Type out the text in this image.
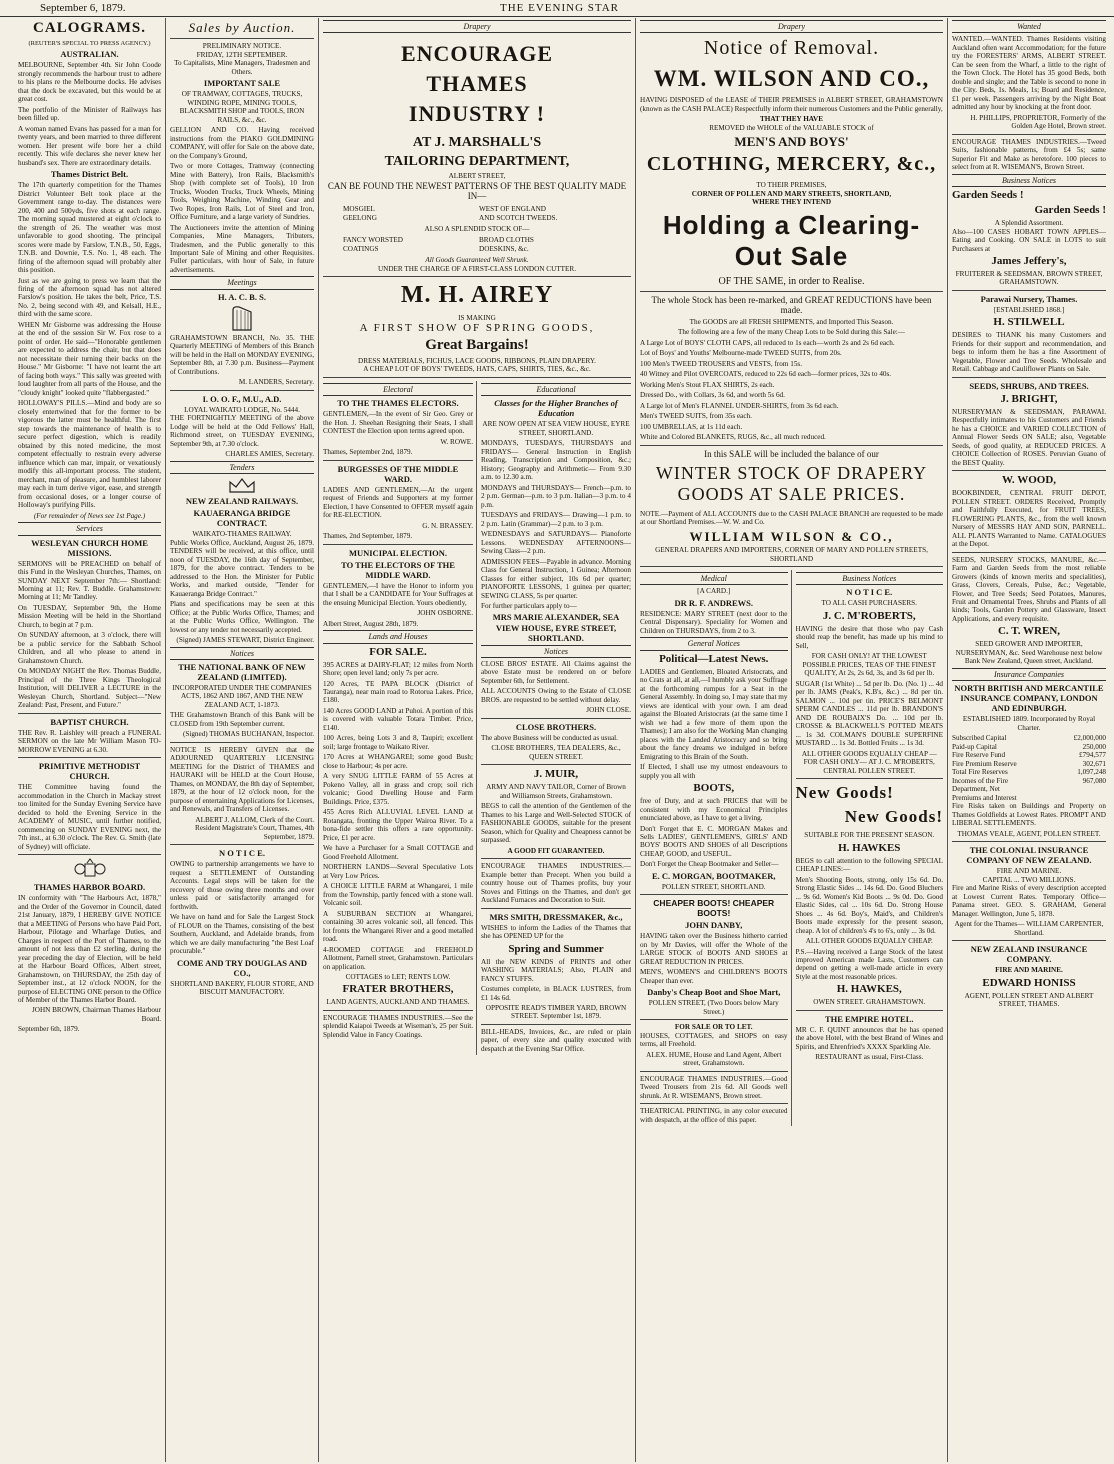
September 6, 1879.	THE EVENING STAR
CALOGRAMS.
(REUTER'S SPECIAL TO PRESS AGENCY.)
AUSTRALIAN.

MELBOURNE, September 4th. Sir John Coode strongly recommends the harbour trust to adhere to his plans re the Melbourne docks. He advises that the dock be excavated, but this would be at great cost.

The portfolio of the Minister of Railways has been filled up.

A woman named Evans has passed for a man for twenty years, and been married to three different women. Her present wife bore her a child recently. This wife declares she never knew her husband's sex. There are extraordinary details.

Thames District Belt.

The 17th quarterly competition for the Thames District Volunteer Belt took place at the Government range to-day. The distances were 200, 400 and 500yds, five shots at each range. The morning squad mustered at eight o'clock to the strength of 26. The weather was most unfavorable to good shooting. The principal scores were made by Farslow, T.N.B., 50, Eggs, T.N.B. and Downie, T.S. No. 1, 48 each. The firing of the afternoon squad will probably alter this position.

Just as we are going to press we learn that the firing of the afternoon squad has not altered Farslow's position. He takes the belt, Price, T.S. No. 2, being second with 49, and Kelsall, H.E., third with the same score.

WHEN Mr Gisborne was addressing the House at the end of the session Sir W. Fox rose to a point of order. He said—"Honorable gentlemen are expected to address the chair, but that does not necessitate their turning their backs on the House." Mr Gisborne: "I have not learnt the art of facing both ways." This sally was greeted with loud laughter from all parts of the House, and the "cloudy knight" looked quite "flabbergasted."

HOLLOWAY'S PILLS.—Mind and body are so closely entertwined that for the former to be vigorous the latter must be healthful. The first step towards the maintenance of health is to secure perfect digestion, which is readily obtained by this noted medicine, the most competent effectually to restrain every adverse influence which can mar, impair, or vexatiously modify this all-important process. The student, merchant, man of pleasure, and humblest laborer may each in turn derive vigor, ease, and strength from occasional doses, or a longer course of Holloway's purifying Pills.

(For remainder of News see 1st Page.)

Services
WESLEYAN CHURCH HOME MISSIONS.

SERMONS will be PREACHED on behalf of this Fund in the Wesleyan Churches, Thames, on SUNDAY NEXT September 7th:— Shortland: Morning at 11; Rev. T. Buddle. Grahamstown: Morning at 11; Mr Tandley.

On TUESDAY, September 9th, the Home Mission Meeting will be held in the Shortland Church, to begin at 7 p.m.

On SUNDAY afternoon, at 3 o'clock, there will be a public service for the Sabbath School Children, and all who please to attend in Grahamstown Church.

On MONDAY NIGHT the Rev. Thomas Buddle, Principal of the Three Kings Theological Institution, will DELIVER a LECTURE in the Wesleyan Church, Shortland. Subject—"New Zealand: Past, Present, and Future."

BAPTIST CHURCH.

THE Rev. R. Laishley will preach a FUNERAL SERMON on the late Mr William Mason TO-MORROW EVENING at 6.30.

PRIMITIVE METHODIST CHURCH.

THE Committee having found the accommodation in the Church in Mackay street too limited for the Sunday Evening Service have decided to hold the Evening Service in the ACADEMY of MUSIC, until further notified, commencing on SUNDAY EVENING next, the 7th inst., at 6.30 o'clock. The Rev. G. Smith (late of Sydney) will officiate.

THAMES HARBOR BOARD.

IN conformity with "The Harbours Act, 1878," and the Order of the Governor in Council, dated 21st January, 1879, I HEREBY GIVE NOTICE that a MEETING of Persons who have Paid Port, Harbour, Pilotage and Wharfage Duties, and Charges in respect of the Port of Thames, to the amount of not less than £2 sterling, during the year preceding the day of Election, will be held at the Harbour Board Offices, Albert street, Grahamstown, on THURSDAY, the 25th day of September inst., at 12 o'clock NOON, for the purpose of ELECTING ONE person to the Office of Member of the Thames Harbor Board.

JOHN BROWN, Chairman Thames Harbour Board.

September 6th, 1879.

Sales by Auction.
PRELIMINARY NOTICE.
FRIDAY, 12TH SEPTEMBER.

To Capitalists, Mine Managers, Tradesmen and Others.

IMPORTANT SALE

OF TRAMWAY, COTTAGES, TRUCKS, WINDING ROPE, MINING TOOLS, BLACKSMITH SHOP and TOOLS, IRON RAILS, &c., &c.

GELLION AND CO. Having received instructions from the PIAKO GOLDMINING COMPANY, will offer for Sale on the above date, on the Company's Ground,

Two or more Cottages, Tramway (connecting Mine with Battery), Iron Rails, Blacksmith's Shop (with complete set of Tools), 10 Iron Trucks, Wooden Trucks, Truck Wheels, Mining Tools, Weighing Machine, Winding Gear and Two Ropes, Iron Rails, Lot of Steel and Iron, Office Furniture, and a large variety of Sundries.

The Auctioneers invite the attention of Mining Companies, Mine Managers, Tributers, Tradesmen, and the Public generally to this Important Sale of Mining and other Requisites. Fuller particulars, with hour of Sale, in future advertisements.

Meetings
H. A. C. B. S.

GRAHAMSTOWN BRANCH, No. 35. THE Quarterly MEETING of Members of this Branch will be held in the Hall on MONDAY EVENING, September 8th, at 7.30 p.m. Business—Payment of Contributions.

M. LANDERS, Secretary.

I. O. O. F., M.U., A.D.
LOYAL WAIKATO LODGE, No. 5444.

THE FORTNIGHTLY MEETING of the above Lodge will be held at the Odd Fellows' Hall, Richmond street, on TUESDAY EVENING, September 9th, at 7.30 o'clock.

CHARLES AMIES, Secretary.

Tenders
NEW ZEALAND RAILWAYS.
KAUAERANGA BRIDGE CONTRACT.
WAIKATO-THAMES RAILWAY.

Public Works Office, Auckland, August 26, 1879. TENDERS will be received, at this office, until noon of TUESDAY, the 16th day of September, 1879, for the above contract. Tenders to be addressed to the Hon. the Minister for Public Works, and marked outside, "Tender for Kauaeranga Bridge Contract."

Plans and specifications may be seen at this Office; at the Public Works Office, Thames; and at the Public Works Office, Wellington. The lowest or any tender not necessarily accepted.

(Signed) JAMES STEWART, District Engineer.

Notices
THE NATIONAL BANK OF NEW ZEALAND (LIMITED).

INCORPORATED UNDER THE COMPANIES ACTS, 1862 AND 1867, AND THE NEW ZEALAND ACT, 1-1873.

THE Grahamstown Branch of this Bank will be CLOSED from 19th September current.

(Signed) THOMAS BUCHANAN, Inspector.

NOTICE IS HEREBY GIVEN that the ADJOURNED QUARTERLY LICENSING MEETING for the District of THAMES and HAURAKI will be HELD at the Court House, Thames, on MONDAY, the 8th day of September, 1879, at the hour of 12 o'clock noon, for the purpose of entertaining Applications for Licenses, and Renewals, and Transfers of Licenses.

ALBERT J. ALLOM, Clerk of the Court. Resident Magistrate's Court, Thames, 4th September, 1879.

N O T I C E.

OWING to partnership arrangements we have to request a SETTLEMENT of Outstanding Accounts. Legal steps will be taken for the recovery of those owing three months and over unless paid or satisfactorily arranged for forthwith.

We have on hand and for Sale the Largest Stock of FLOUR on the Thames, consisting of the best Southern, Auckland, and Adelaide brands, from which we are daily manufacturing "the Best Loaf procurable."

COME AND TRY DOUGLAS AND CO.,

SHORTLAND BAKERY, FLOUR STORE, AND BISCUIT MANUFACTORY.

Drapery
ENCOURAGE
THAMES
INDUSTRY !
AT J. MARSHALL'S
TAILORING DEPARTMENT,
ALBERT STREET,
CAN BE FOUND THE NEWEST PATTERNS OF THE BEST QUALITY MADE IN—
MOSGIEL
GEELONG
WEST OF ENGLAND
AND SCOTCH TWEEDS.
ALSO A SPLENDID STOCK OF—
FANCY WORSTED
COATINGS
BROAD CLOTHS
DOESKINS, &c.
All Goods Guaranteed Well Shrunk.
UNDER THE CHARGE OF A FIRST-CLASS LONDON CUTTER.
M. H. AIREY
IS MAKING
A FIRST SHOW OF SPRING GOODS,
Great Bargains!
DRESS MATERIALS, FICHUS, LACE GOODS, RIBBONS, PLAIN DRAPERY.
A CHEAP LOT OF BOYS' TWEEDS, HATS, CAPS, SHIRTS, TIES, &c., &c.
Electoral
TO THE THAMES ELECTORS.

GENTLEMEN,—In the event of Sir Geo. Grey or the Hon. J. Sheehan Resigning their Seats, I shall CONTEST the Election upon terms agreed upon.

W. ROWE.

Thames, September 2nd, 1879.

BURGESSES OF THE MIDDLE WARD.

LADIES AND GENTLEMEN,—At the urgent request of Friends and Supporters at my former Election, I have Consented to OFFER myself again for RE-ELECTION.

G. N. BRASSEY.

Thames, 2nd September, 1879.

MUNICIPAL ELECTION.
TO THE ELECTORS OF THE MIDDLE WARD.

GENTLEMEN,—I have the Honor to inform you that I shall be a CANDIDATE for Your Suffrages at the ensuing Municipal Election. Yours obediently,

JOHN OSBORNE.

Albert Street, August 28th, 1879.

Lands and Houses
FOR SALE.

395 ACRES at DAIRY-FLAT; 12 miles from North Shore; open level land; only 7s per acre.

120 Acres, TE PAPA BLOCK (District of Tauranga), near main road to Rotorua Lakes. Price, £180.

140 Acres GOOD LAND at Puhoi. A portion of this is covered with valuable Totara Timber. Price, £140.

100 Acres, being Lots 3 and 8, Taupiri; excellent soil; large frontage to Waikato River.

170 Acres at WHANGAREI; some good Bush; close to Harbour; 4s per acre.

A very SNUG LITTLE FARM of 55 Acres at Pokeno Valley, all in grass and crop; soil rich volcanic; Good Dwelling House and Farm Buildings. Price, £375.

455 Acres Rich ALLUVIAL LEVEL LAND at Rotangata, fronting the Upper Wairoa River. To a bona-fide settler this offers a rare opportunity. Price, £1 per acre.

We have a Purchaser for a Small COTTAGE and Good Freehold Allotment.

NORTHERN LANDS—Several Speculative Lots at Very Low Prices.

A CHOICE LITTLE FARM at Whangarei, 1 mile from the Township, partly fenced with a stone wall. Volcanic soil.

A SUBURBAN SECTION at Whangarei, containing 30 acres volcanic soil, all fenced. This lot fronts the Whangarei River and a good metalled road.

4-ROOMED COTTAGE and FREEHOLD Allotment, Parnell street, Grahamstown. Particulars on application.

COTTAGES to LET; RENTS LOW.

FRATER BROTHERS,

LAND AGENTS, AUCKLAND AND THAMES.

ENCOURAGE THAMES INDUSTRIES.—See the splendid Kaiapoi Tweeds at Wiseman's, 25 per Suit. Splendid Value in Fancy Coatings.

Educational
Classes for the Higher Branches of Education

ARE NOW OPEN AT SEA VIEW HOUSE, EYRE STREET, SHORTLAND.

MONDAYS, TUESDAYS, THURSDAYS and FRIDAYS— General Instruction in English Reading, Transcription and Composition, &c.; History; Geography and Arithmetic— From 9.30 a.m. to 12.30 a.m.

MONDAYS and THURSDAYS— French—p.m. to 2 p.m. German—p.m. to 3 p.m. Italian—3 p.m. to 4 p.m.

TUESDAYS and FRIDAYS— Drawing—1 p.m. to 2 p.m. Latin (Grammar)—2 p.m. to 3 p.m.

WEDNESDAYS and SATURDAYS— Pianoforte Lessons. WEDNESDAY AFTERNOONS— Sewing Class—2 p.m.

ADMISSION FEES—Payable in advance. Morning Class for General Instruction, 1 Guinea; Afternoon Classes for either subject, 10s 6d per quarter; PIANOFORTE LESSONS, 1 guinea per quarter; SEWING CLASS, 5s per quarter.

For further particulars apply to—

MRS MARIE ALEXANDER, SEA VIEW HOUSE, EYRE STREET, SHORTLAND.
Notices

CLOSE BROS' ESTATE. All Claims against the above Estate must be rendered on or before September 6th, for Settlement.

ALL ACCOUNTS Owing to the Estate of CLOSE BROS. are requested to be settled without delay.

JOHN CLOSE.

CLOSE BROTHERS.

The above Business will be conducted as usual.

CLOSE BROTHERS, TEA DEALERS, &c., QUEEN STREET.

J. MUIR,

ARMY AND NAVY TAILOR, Corner of Brown and Williamson Streets, Grahamstown.

BEGS to call the attention of the Gentlemen of the Thames to his Large and Well-Selected STOCK of FASHIONABLE GOODS, suitable for the present Season, which for Quality and Cheapness cannot be surpassed.

A GOOD FIT GUARANTEED.

ENCOURAGE THAMES INDUSTRIES.—Example better than Precept. When you build a country house out of Thames profits, buy your Stoves and Fittings on the Thames, and don't get Auckland Furnaces and Decoration to Suit.

MRS SMITH, DRESSMAKER, &c.,

WISHES to inform the Ladies of the Thames that she has OPENED UP for the

Spring and Summer

All the NEW KINDS of PRINTS and other WASHING MATERIALS; Also, PLAIN and FANCY STUFFS.

Costumes complete, in BLACK LUSTRES, from £1 14s 6d.

OPPOSITE READ'S TIMBER YARD, BROWN STREET. September 1st, 1879.

BILL-HEADS, Invoices, &c., are ruled or plain paper, of every size and quality executed with despatch at the Evening Star Office.

Drapery
Notice of Removal.
WM. WILSON AND CO.,

HAVING DISPOSED of the LEASE of THEIR PREMISES in ALBERT STREET, GRAHAMSTOWN (known as the CASH PALACE) Respectfully inform their numerous Customers and the Public generally,

THAT THEY HAVE
REMOVED the WHOLE of the VALUABLE STOCK of
MEN'S AND BOYS'
CLOTHING, MERCERY, &c.,
TO THEIR PREMISES,
CORNER OF POLLEN AND MARY STREETS, SHORTLAND,
WHERE THEY INTEND
Holding a Clearing-Out Sale
OF THE SAME, in order to Realise.

The whole Stock has been re-marked, and GREAT REDUCTIONS have been made.

The GOODS are all FRESH SHIPMENTS, and Imported This Season.

The following are a few of the many Cheap Lots to be Sold during this Sale:—

A Large Lot of BOYS' CLOTH CAPS, all reduced to 1s each—worth 2s and 2s 6d each.

Lot of Boys' and Youths' Melbourne-made TWEED SUITS, from 20s.

100 Men's TWEED TROUSERS and VESTS, from 15s.

40 Witney and Pilot OVERCOATS, reduced to 22s 6d each—former prices, 32s to 40s.

Working Men's Stout FLAX SHIRTS, 2s each.

Dressed Do., with Collars, 3s 6d, and worth 5s 6d.

A Large lot of Men's FLANNEL UNDER-SHIRTS, from 3s 6d each.

Men's TWEED SUITS, from 35s each.

100 UMBRELLAS, at 1s 11d each.

White and Colored BLANKETS, RUGS, &c., all much reduced.

In this SALE will be included the balance of our

WINTER STOCK OF DRAPERY GOODS AT SALE PRICES.

NOTE.—Payment of ALL ACCOUNTS due to the CASH PALACE BRANCH are requested to be made at our Shortland Premises.—W. W. and Co.

WILLIAM WILSON & CO.,
GENERAL DRAPERS AND IMPORTERS, CORNER OF MARY AND POLLEN STREETS, SHORTLAND
Medical
[A CARD.]
DR R. F. ANDREWS.

RESIDENCE: MARY STREET (next door to the Central Dispensary). Speciality for Women and Children on THURSDAYS, from 2 to 3.

General Notices
Political—Latest News.

LADIES and Gentlemen, Bloated Aristocrats, and no Crats at all, at all,—I humbly ask your Suffrage at the forthcoming rumpus for a Seat in the General Assembly. In doing so, I may state that my views are identical with your own. I am dead against the Bloated Aristocrats (at the same time I wish we had a few more of them upon the Thames); I am also for the Working Man changing places with the Landed Aristocracy and so bring about the fancy dreams we indulged in before Emigrating to this Brain of the South.

If Elected, I shall use my utmost endeavours to supply you all with

BOOTS,

free of Duty, and at such PRICES that will be consistent with my Economical Principles enunciated above, as I have to get a living.

Don't Forget that E. C. MORGAN Makes and Sells LADIES', GENTLEMEN'S, GIRLS' AND BOYS' BOOTS AND SHOES of all Descriptions CHEAP, GOOD, and USEFUL.

Don't Forget the Cheap Bootmaker and Seller—

E. C. MORGAN, BOOTMAKER,

POLLEN STREET, SHORTLAND.

CHEAPER BOOTS! CHEAPER BOOTS!
JOHN DANBY,

HAVING taken over the Business hitherto carried on by Mr Davies, will offer the Whole of the LARGE STOCK of BOOTS AND SHOES at GREAT REDUCTION IN PRICES.

MEN'S, WOMEN'S and CHILDREN'S BOOTS Cheaper than ever.

Danby's Cheap Boot and Shoe Mart,

POLLEN STREET, (Two Doors below Mary Street.)

FOR SALE OR TO LET.

HOUSES, COTTAGES, and SHOPS on easy terms, all Freehold.

ALEX. HUME, House and Land Agent, Albert street, Grahamstown.

ENCOURAGE THAMES INDUSTRIES.—Good Tweed Trousers from 21s 6d. All Goods well shrunk. At R. WISEMAN'S, Brown street.

THEATRICAL PRINTING, in any color executed with despatch, at the office of this paper.

Business Notices
N O T I C E.
TO ALL CASH PURCHASERS.
J. C. M'ROBERTS,

HAVING the desire that those who pay Cash should reap the benefit, has made up his mind to Sell,

FOR CASH ONLY! AT THE LOWEST POSSIBLE PRICES, TEAS OF THE FINEST QUALITY, At 2s, 2s 6d, 3s, and 3s 6d per lb.

SUGAR (1st White) ... 5d per lb. Do. (No. 1) ... 4d per lb. JAMS (Peak's, K.B's, &c.) ... 8d per tin. SALMON ... 10d per tin. PRICE'S BELMONT SPERM CANDLES ... 11d per lb. BRANDON'S AND DE ROUBAIX'S Do. ... 10d per lb. CROSSE & BLACKWELL'S POTTED MEATS ... 1s 3d. COLMAN'S DOUBLE SUPERFINE MUSTARD ... 1s 3d. Bottled Fruits ... 1s 3d.

ALL OTHER GOODS EQUALLY CHEAP —FOR CASH ONLY— AT J. C. M'ROBERTS, CENTRAL POLLEN STREET.

New Goods!
New Goods!
SUITABLE FOR THE PRESENT SEASON.
H. HAWKES

BEGS to call attention to the following SPECIAL CHEAP LINES:—

Men's Shooting Boots, strong, only 15s 6d. Do. Strong Elastic Sides ... 14s 6d. Do. Good Bluchers ... 9s 6d. Women's Kid Boots ... 9s 0d. Do. Good Elastic Sides, cal ... 10s 6d. Do. Strong House Shoes ... 4s 6d. Boy's, Maid's, and Children's Boots made expressly for the present season, cheap. A lot of children's 4's to 6's, only ... 3s 0d.

ALL OTHER GOODS EQUALLY CHEAP.

P.S.—Having received a Large Stock of the latest improved American made Lasts, Customers can depend on getting a well-made article in every Style at the most reasonable prices.

H. HAWKES,

OWEN STREET. GRAHAMSTOWN.

THE EMPIRE HOTEL.

MR C. F. QUINT announces that he has opened the above Hotel, with the best Brand of Wines and Spirits, and Ehrenfried's XXXX Sparkling Ale.

RESTAURANT as usual, First-Class.

Wanted

WANTED.—WANTED. Thames Residents visiting Auckland often want Accommodation; for the future try the FORESTERS' ARMS, ALBERT STREET. Can be seen from the Wharf, a little to the right of the Town Clock. The Hotel has 35 good Beds, both double and single; and the Table is second to none in the City. Beds, 1s. Meals, 1s; Board and Residence, £1 per week. Passengers arriving by the Night Boat admitted any hour by knocking at the front door.

H. PHILLIPS, PROPRIETOR, Formerly of the Golden Age Hotel, Brown street.

ENCOURAGE THAMES INDUSTRIES.—Tweed Suits, fashionable patterns, from £4 5s; same Superior Fit and Make as heretofore. 100 pieces to select from at R. WISEMAN'S, Brown Street.

Business Notices
Garden Seeds !
Garden Seeds !
A Splendid Assortment.

Also—100 CASES HOBART TOWN APPLES—Eating and Cooking. ON SALE in LOTS to suit Purchasers at

James Jeffery's,

FRUITERER & SEEDSMAN, BROWN STREET, GRAHAMSTOWN.

Parawai Nursery, Thames.
[ESTABLISHED 1868.]
H. STILWELL

DESIRES to THANK his many Customers and Friends for their support and recommendation, and begs to inform them he has a fine Assortment of Vegetable, Flower and Tree Seeds. Wholesale and Retail. Cabbage and Cauliflower Plants on Sale.

SEEDS, SHRUBS, AND TREES.
J. BRIGHT,

NURSERYMAN & SEEDSMAN, PARAWAI. Respectfully intimates to his Customers and Friends he has a CHOICE and VARIED COLLECTION of Annual Flower Seeds ON SALE; also, Vegetable Seeds, of good quality, at REDUCED PRICES. A CHOICE Collection of ROSES. Peruvian Guano of the BEST Quality.

W. WOOD,

BOOKBINDER, CENTRAL FRUIT DEPOT, POLLEN STREET. ORDERS Received, Promptly and Faithfully Executed, for FRUIT TREES, FLOWERING PLANTS, &c., from the well known Nursery of MESSRS HAY AND SON, PARNELL. ALL PLANTS Warranted to Name. CATALOGUES at the Depot.

SEEDS, NURSERY STOCKS, MANURE, &c.—Farm and Garden Seeds from the most reliable Growers (kinds of known merits and specialities), Grass, Clovers, Cereals, Pulse, &c.; Vegetable, Flower, and Tree Seeds; Seed Potatoes, Manures, Fruit and Ornamental Trees, Shrubs and Plants of all kinds; Tools, Garden Pottery and Glassware, Insect Applications, and every requisite.

C. T. WREN,

SEED GROWER AND IMPORTER, NURSERYMAN, &c. Seed Warehouse next below Bank New Zealand, Queen street, Auckland.

Insurance Companies
NORTH BRITISH AND MERCANTILE INSURANCE COMPANY, LONDON AND EDINBURGH.

ESTABLISHED 1809. Incorporated by Royal Charter.

Subscribed Capital	£2,000,000
Paid-up Capital	250,000
Fire Reserve Fund	£794,577
Fire Premium Reserve	302,671
Total Fire Reserves	1,097,248
Incomes of the Fire Department, Net Premiums and Interest
967,080

Fire Risks taken on Buildings and Property on Thames Goldfields at Lowest Rates. PROMPT AND LIBERAL SETTLEMENTS.

THOMAS VEALE, AGENT, POLLEN STREET.

THE COLONIAL INSURANCE COMPANY OF NEW ZEALAND.
FIRE AND MARINE.
CAPITAL ... TWO MILLIONS.

Fire and Marine Risks of every description accepted at Lowest Current Rates. Temporary Office—Panama street. GEO. S. GRAHAM, General Manager. Wellington, June 5, 1878.

Agent for the Thames— WILLIAM CARPENTER, Shortland.

NEW ZEALAND INSURANCE COMPANY.
FIRE AND MARINE.
EDWARD HONISS

AGENT, POLLEN STREET AND ALBERT STREET, THAMES.
